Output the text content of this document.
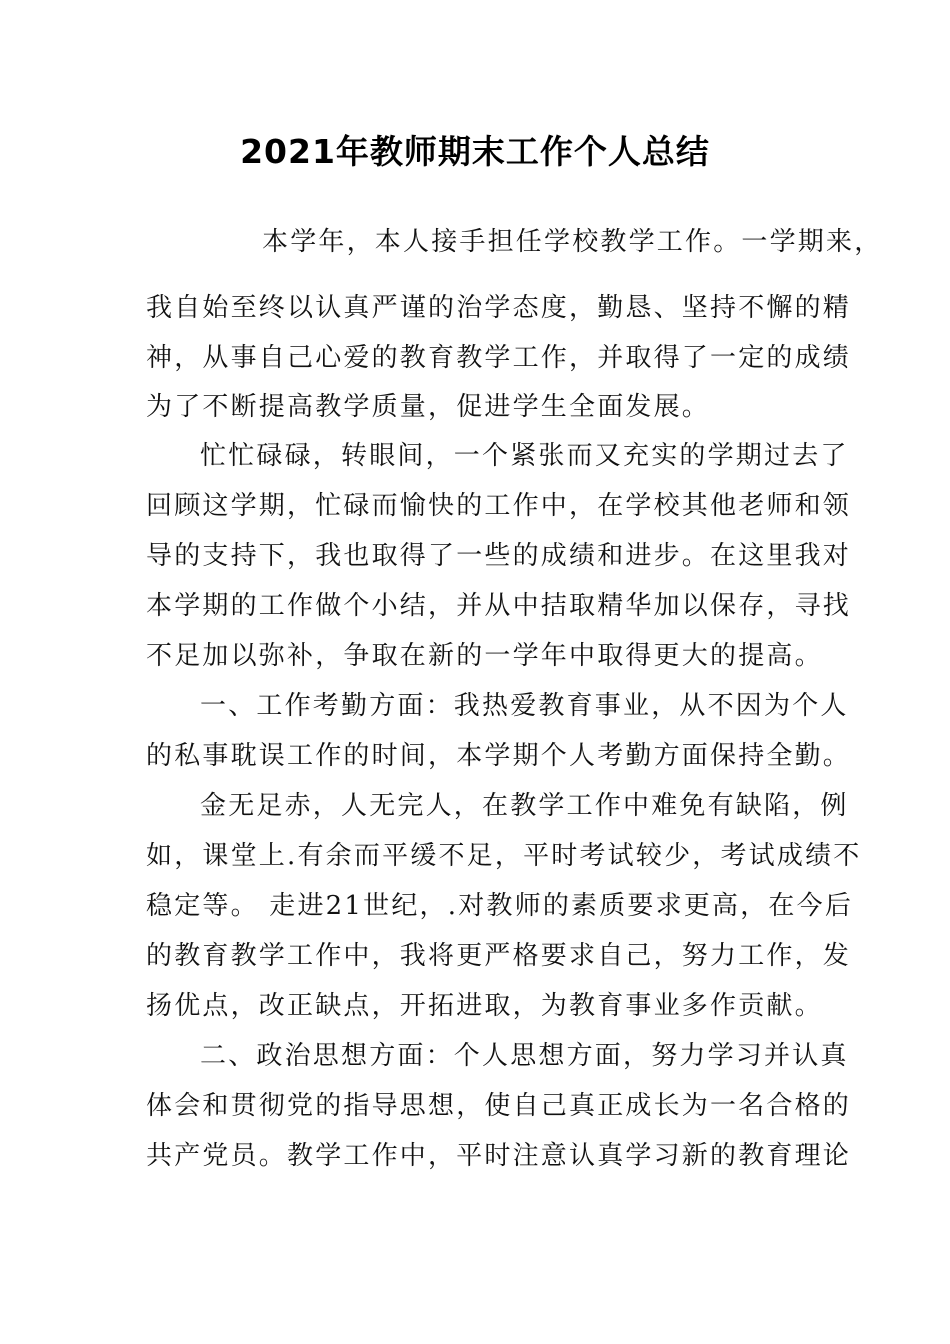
2021年教师期末工作个人总结

本学年，本人接手担任学校教学工作。一学期来，

我自始至终以认真严谨的治学态度，勤恳、坚持不懈的精

神，从事自己心爱的教育教学工作，并取得了一定的成绩

为了不断提高教学质量，促进学生全面发展。

忙忙碌碌，转眼间，一个紧张而又充实的学期过去了

回顾这学期，忙碌而愉快的工作中，在学校其他老师和领

导的支持下，我也取得了一些的成绩和进步。在这里我对

本学期的工作做个小结，并从中拮取精华加以保存，寻找

不足加以弥补，争取在新的一学年中取得更大的提高。

一、工作考勤方面：我热爱教育事业，从不因为个人

的私事耽误工作的时间，本学期个人考勤方面保持全勤。

金无足赤，人无完人，在教学工作中难免有缺陷，例

如，课堂上.有余而平缓不足，平时考试较少，考试成绩不

稳定等。 走进21世纪，.对教师的素质要求更高，在今后

的教育教学工作中，我将更严格要求自己，努力工作，发

扬优点，改正缺点，开拓进取，为教育事业多作贡献。

二、政治思想方面：个人思想方面，努力学习并认真

体会和贯彻党的指导思想，使自己真正成长为一名合格的

共产党员。教学工作中，平时注意认真学习新的教育理论
